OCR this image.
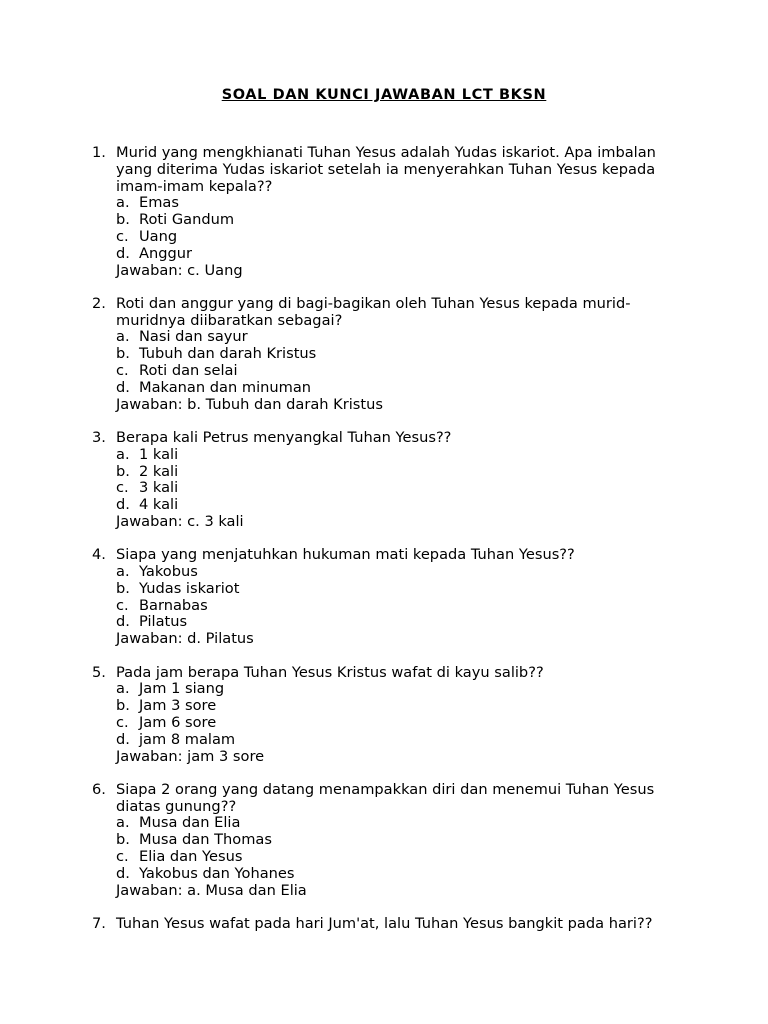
SOAL DAN KUNCI JAWABAN LCT BKSN
1. Murid yang mengkhianati Tuhan Yesus adalah Yudas iskariot. Apa imbalan yang diterima Yudas iskariot setelah ia menyerahkan Tuhan Yesus kepada imam-imam kepala??
a. Emas
b. Roti Gandum
c. Uang
d. Anggur
Jawaban: c. Uang
2. Roti dan anggur yang di bagi-bagikan oleh Tuhan Yesus kepada murid-muridnya diibaratkan sebagai?
a. Nasi dan sayur
b. Tubuh dan darah Kristus
c. Roti dan selai
d. Makanan dan minuman
Jawaban: b. Tubuh dan darah Kristus
3. Berapa kali Petrus menyangkal Tuhan Yesus??
a. 1 kali
b. 2 kali
c. 3 kali
d. 4 kali
Jawaban: c. 3 kali
4. Siapa yang menjatuhkan hukuman mati kepada Tuhan Yesus??
a. Yakobus
b. Yudas iskariot
c. Barnabas
d. Pilatus
Jawaban: d. Pilatus
5. Pada jam berapa Tuhan Yesus Kristus wafat di kayu salib??
a. Jam 1 siang
b. Jam 3 sore
c. Jam 6 sore
d. jam 8 malam
Jawaban: jam 3 sore
6. Siapa 2 orang yang datang menampakkan diri dan menemui Tuhan Yesus diatas gunung??
a. Musa dan Elia
b. Musa dan Thomas
c. Elia dan Yesus
d. Yakobus dan Yohanes
Jawaban: a. Musa dan Elia
7. Tuhan Yesus wafat pada hari Jum'at, lalu Tuhan Yesus bangkit pada hari??
